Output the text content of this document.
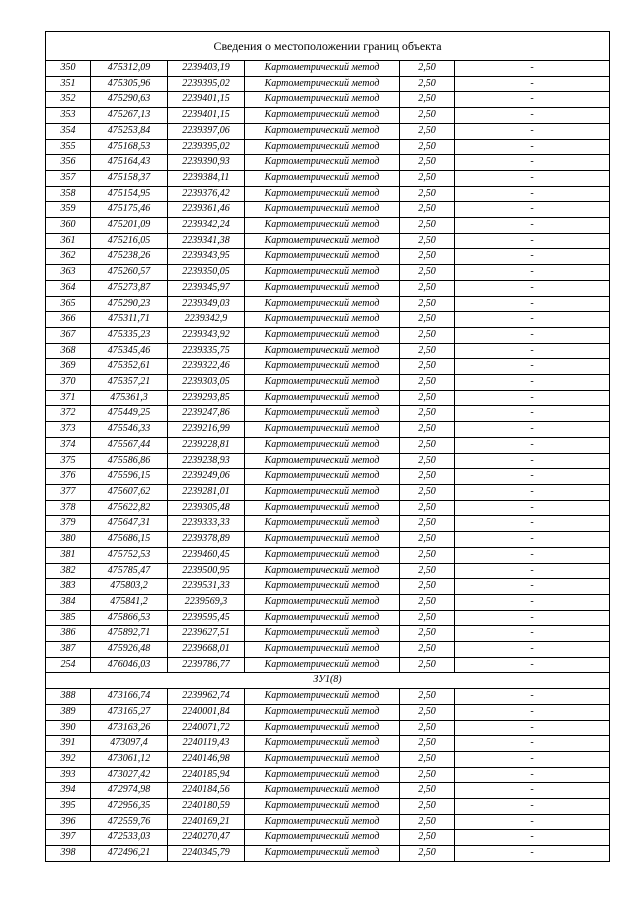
Сведения о местоположении границ объекта					
350	475312,09	2239403,19	Картометрический метод	2,50	-
351	475305,96	2239395,02	Картометрический метод	2,50	-
352	475290,63	2239401,15	Картометрический метод	2,50	-
353	475267,13	2239401,15	Картометрический метод	2,50	-
354	475253,84	2239397,06	Картометрический метод	2,50	-
355	475168,53	2239395,02	Картометрический метод	2,50	-
356	475164,43	2239390,93	Картометрический метод	2,50	-
357	475158,37	2239384,11	Картометрический метод	2,50	-
358	475154,95	2239376,42	Картометрический метод	2,50	-
359	475175,46	2239361,46	Картометрический метод	2,50	-
360	475201,09	2239342,24	Картометрический метод	2,50	-
361	475216,05	2239341,38	Картометрический метод	2,50	-
362	475238,26	2239343,95	Картометрический метод	2,50	-
363	475260,57	2239350,05	Картометрический метод	2,50	-
364	475273,87	2239345,97	Картометрический метод	2,50	-
365	475290,23	2239349,03	Картометрический метод	2,50	-
366	475311,71	2239342,9	Картометрический метод	2,50	-
367	475335,23	2239343,92	Картометрический метод	2,50	-
368	475345,46	2239335,75	Картометрический метод	2,50	-
369	475352,61	2239322,46	Картометрический метод	2,50	-
370	475357,21	2239303,05	Картометрический метод	2,50	-
371	475361,3	2239293,85	Картометрический метод	2,50	-
372	475449,25	2239247,86	Картометрический метод	2,50	-
373	475546,33	2239216,99	Картометрический метод	2,50	-
374	475567,44	2239228,81	Картометрический метод	2,50	-
375	475586,86	2239238,93	Картометрический метод	2,50	-
376	475596,15	2239249,06	Картометрический метод	2,50	-
377	475607,62	2239281,01	Картометрический метод	2,50	-
378	475622,82	2239305,48	Картометрический метод	2,50	-
379	475647,31	2239333,33	Картометрический метод	2,50	-
380	475686,15	2239378,89	Картометрический метод	2,50	-
381	475752,53	2239460,45	Картометрический метод	2,50	-
382	475785,47	2239500,95	Картометрический метод	2,50	-
383	475803,2	2239531,33	Картометрический метод	2,50	-
384	475841,2	2239569,3	Картометрический метод	2,50	-
385	475866,53	2239595,45	Картометрический метод	2,50	-
386	475892,71	2239627,51	Картометрический метод	2,50	-
387	475926,48	2239668,01	Картометрический метод	2,50	-
254	476046,03	2239786,77	Картометрический метод	2,50	-
ЗУ1(8)					
388	473166,74	2239962,74	Картометрический метод	2,50	-
389	473165,27	2240001,84	Картометрический метод	2,50	-
390	473163,26	2240071,72	Картометрический метод	2,50	-
391	473097,4	2240119,43	Картометрический метод	2,50	-
392	473061,12	2240146,98	Картометрический метод	2,50	-
393	473027,42	2240185,94	Картометрический метод	2,50	-
394	472974,98	2240184,56	Картометрический метод	2,50	-
395	472956,35	2240180,59	Картометрический метод	2,50	-
396	472559,76	2240169,21	Картометрический метод	2,50	-
397	472533,03	2240270,47	Картометрический метод	2,50	-
398	472496,21	2240345,79	Картометрический метод	2,50	-
